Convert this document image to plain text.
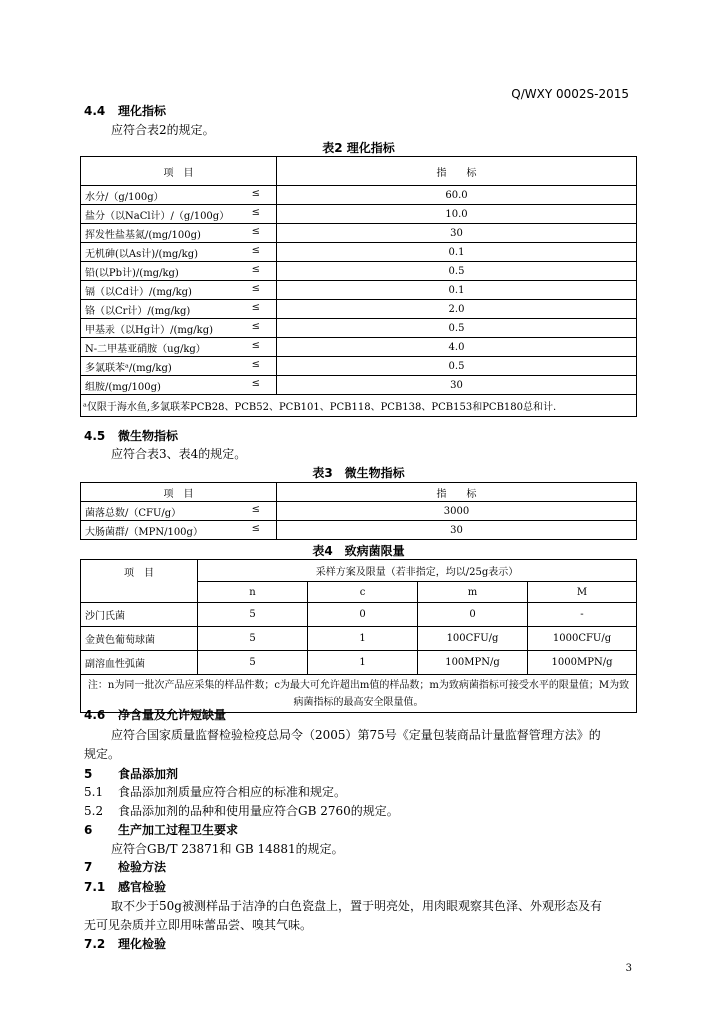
Q/WXY 0002S-2015
4.4 理化指标
应符合表2的规定。
表2 理化指标
项　目	指　　标

水分/（g/100g） ≤	60.0

盐分（以NaCl计）/（g/100g） ≤	10.0

挥发性盐基氮/(mg/100g) ≤	30

无机砷(以As计)/(mg/kg) ≤	0.1

铅(以Pb计)/(mg/kg) ≤	0.5

镉（以Cd计）/(mg/kg) ≤	0.1

铬（以Cr计）/(mg/kg) ≤	2.0

甲基汞（以Hg计）/(mg/kg) ≤	0.5

N-二甲基亚硝胺（ug/kg） ≤	4.0

多氯联苯ᵃ/(mg/kg) ≤	0.5

组胺/(mg/100g) ≤	30
ᵃ仅限于海水鱼,多氯联苯PCB28、PCB52、PCB101、PCB118、PCB138、PCB153和PCB180总和计.	
4.5 微生物指标
应符合表3、表4的规定。
表3　微生物指标
项　目	指　　标

菌落总数/（CFU/g） ≤	3000

大肠菌群/（MPN/100g） ≤	30
表4　致病菌限量
项　目	采样方案及限量（若非指定，均以/25g表示）			
	n	c	m	M
沙门氏菌	5	0	0	-
金黄色葡萄球菌	5	1	100CFU/g	1000CFU/g
副溶血性弧菌	5	1	100MPN/g	1000MPN/g
注：n为同一批次产品应采集的样品件数；c为最大可允许超出m值的样品数；m为致病菌指标可接受水平的限量值；M为致病菌指标的最高安全限量值。				
4.6 净含量及允许短缺量
应符合国家质量监督检验检疫总局令（2005）第75号《定量包装商品计量监督管理方法》的
规定。
5 食品添加剂
5.1 食品添加剂质量应符合相应的标准和规定。
5.2 食品添加剂的品种和使用量应符合GB 2760的规定。
6 生产加工过程卫生要求
应符合GB/T 23871和 GB 14881的规定。
7 检验方法
7.1 感官检验
取不少于50g被测样品于洁净的白色瓷盘上，置于明亮处，用肉眼观察其色泽、外观形态及有
无可见杂质并立即用味蕾品尝、嗅其气味。
7.2 理化检验
3
